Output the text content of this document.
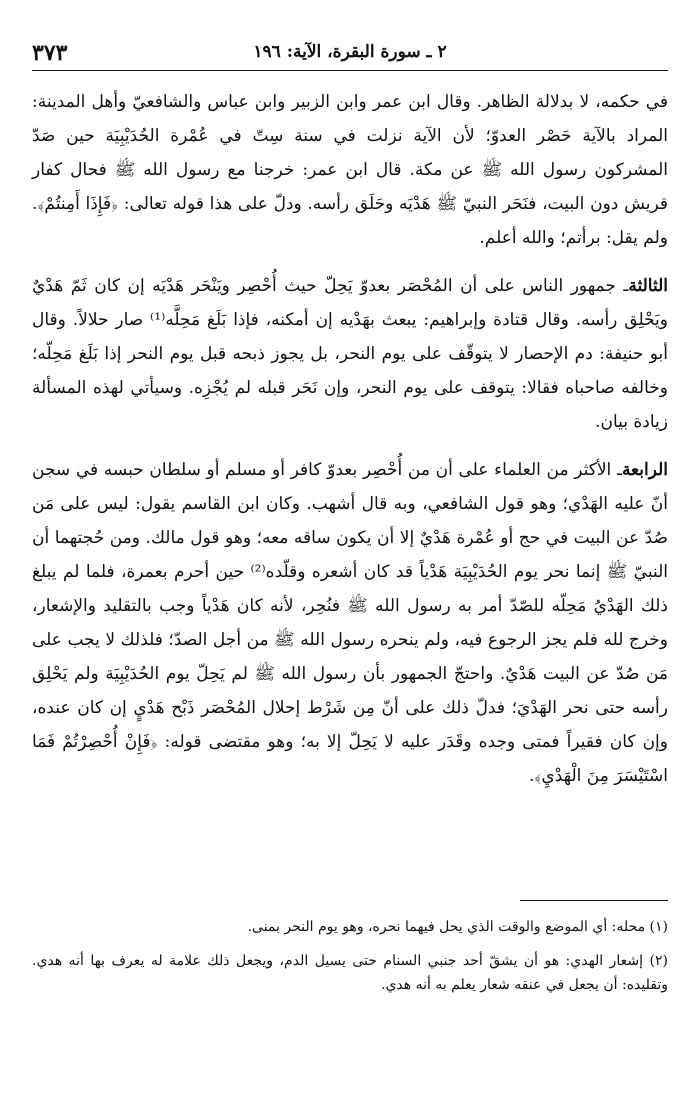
٢ ـ سورة البقرة، الآية: ١٩٦
٣٧٣

في حكمه، لا بدلالة الظاهر. وقال ابن عمر وابن الزبير وابن عباس والشافعيّ وأهل المدينة: المراد بالآية حَصْر العدوّ؛ لأن الآية نزلت في سنة سِتّ في عُمْرة الحُدَيْبِيَة حين صَدّ المشركون رسول الله ﷺ عن مكة. قال ابن عمر: خرجنا مع رسول الله ﷺ فحال كفار قريش دون البيت، فنَحَر النبيّ ﷺ هَدْيَه وحَلَق رأسه. ودلّ على هذا قوله تعالى: ﴿فَإِذَا أَمِنتُمْ﴾. ولم يقل: برأتم؛ والله أعلم.

الثالثةـ جمهور الناس على أن المُحْصَر بعدوّ يَحِلّ حيث أُحْصِر ويَنْحَر هَدْيَه إن كان ثَمّ هَدْيٌ ويَحْلِق رأسه. وقال قتادة وإبراهيم: يبعث بهَدْيه إن أمكنه، فإذا بَلَغ مَحِلَّه⁽¹⁾ صار حلالاً. وقال أبو حنيفة: دم الإحصار لا يتوقّف على يوم النحر، بل يجوز ذبحه قبل يوم النحر إذا بَلَغ مَحِلّه؛ وخالفه صاحباه فقالا: يتوقف على يوم النحر، وإن نَحَر قبله لم يُجْزِه. وسيأتي لهذه المسألة زيادة بيان.

الرابعةـ الأكثر من العلماء على أن من أُحْصِر بعدوّ كافر أو مسلم أو سلطان حبسه في سجن أنّ عليه الهَدْي؛ وهو قول الشافعي، وبه قال أشهب. وكان ابن القاسم يقول: ليس على مَن صُدّ عن البيت في حج أو عُمْرة هَدْيٌ إلا أن يكون ساقه معه؛ وهو قول مالك. ومن حُجتهما أن النبيّ ﷺ إنما نحر يوم الحُدَيْبِيَة هَدْياً قد كان أشعره وقلّده⁽²⁾ حين أحرم بعمرة، فلما لم يبلغ ذلك الهَدْيُ مَحِلّه للصّدّ أمر به رسول الله ﷺ فنُحِر، لأنه كان هَدْياً وجب بالتقليد والإشعار، وخرج لله فلم يجز الرجوع فيه، ولم ينحره رسول الله ﷺ من أجل الصدّ؛ فلذلك لا يجب على مَن صُدّ عن البيت هَدْيٌ. واحتجّ الجمهور بأن رسول الله ﷺ لم يَحِلّ يوم الحُدَيْبِيَة ولم يَحْلِق رأسه حتى نحر الهَدْيَ؛ فدلّ ذلك على أنّ مِن شَرْط إحلال المُحْصَر ذَبْح هَدْيٍ إن كان عنده، وإن كان فقيراً فمتى وجده وقَدَر عليه لا يَحِلّ إلا به؛ وهو مقتضى قوله: ﴿فَإِنْ أُحْصِرْتُمْ فَمَا اسْتَيْسَرَ مِنَ الْهَدْيِ﴾.

(١) محله: أي الموضع والوقت الذي يحل فيهما نحره، وهو يوم النحر بمنى.
(٢) إشعار الهدي: هو أن يشقّ أحد جنبي السنام حتى يسيل الدم، ويجعل ذلك علامة له يعرف بها أنه هدي. وتقليده: أن يجعل في عنقه شعار يعلم به أنه هدي.
